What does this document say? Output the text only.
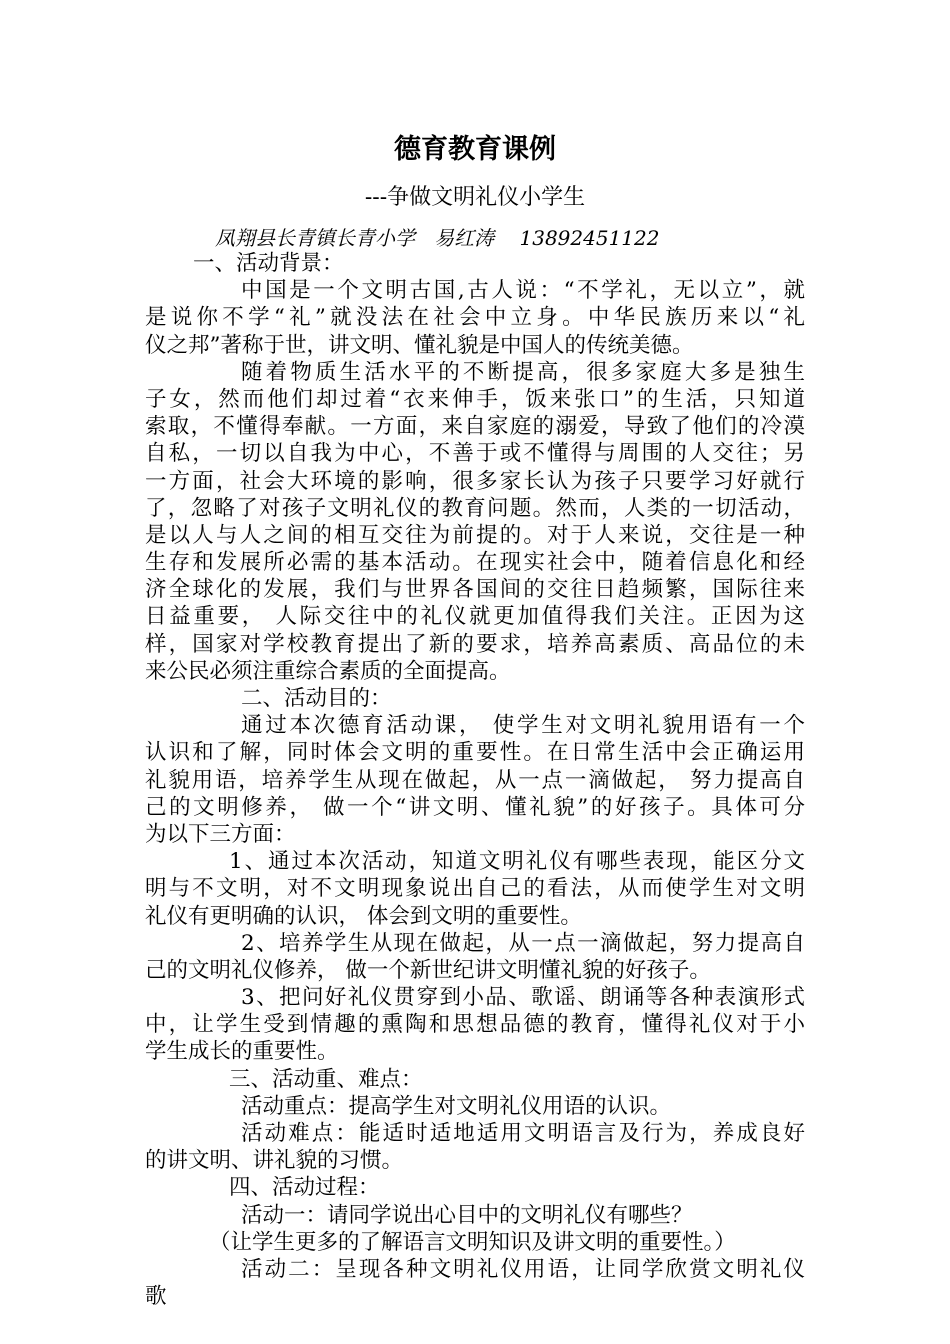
德育教育课例
---争做文明礼仪小学生
凤翔县长青镇长青小学   易红涛    13892451122
一、活动背景：
中国是一个文明古国,古人说：“不学礼，无以立”，就
是说你不学“礼”就没法在社会中立身。中华民族历来以“礼
仪之邦”著称于世，讲文明、懂礼貌是中国人的传统美德。
随着物质生活水平的不断提高，很多家庭大多是独生
子女，然而他们却过着“衣来伸手，饭来张口”的生活，只知道
索取，不懂得奉献。一方面，来自家庭的溺爱，导致了他们的冷漠
自私，一切以自我为中心，不善于或不懂得与周围的人交往；另
一方面，社会大环境的影响，很多家长认为孩子只要学习好就行
了，忽略了对孩子文明礼仪的教育问题。然而，人类的一切活动，
是以人与人之间的相互交往为前提的。对于人来说，交往是一种
生存和发展所必需的基本活动。在现实社会中，随着信息化和经
济全球化的发展，我们与世界各国间的交往日趋频繁，国际往来
日益重要， 人际交往中的礼仪就更加值得我们关注。正因为这
样，国家对学校教育提出了新的要求，培养高素质、高品位的未
来公民必须注重综合素质的全面提高。
二、活动目的：
通过本次德育活动课， 使学生对文明礼貌用语有一个
认识和了解，同时体会文明的重要性。在日常生活中会正确运用
礼貌用语，培养学生从现在做起，从一点一滴做起， 努力提高自
己的文明修养， 做一个“讲文明、懂礼貌”的好孩子。具体可分
为以下三方面：
1、通过本次活动，知道文明礼仪有哪些表现，能区分文
明与不文明，对不文明现象说出自己的看法，从而使学生对文明
礼仪有更明确的认识， 体会到文明的重要性。
2、培养学生从现在做起，从一点一滴做起，努力提高自
己的文明礼仪修养， 做一个新世纪讲文明懂礼貌的好孩子。
3、把问好礼仪贯穿到小品、歌谣、朗诵等各种表演形式
中，让学生受到情趣的熏陶和思想品德的教育，懂得礼仪对于小
学生成长的重要性。
三、活动重、难点：
活动重点：提高学生对文明礼仪用语的认识。
活动难点：能适时适地适用文明语言及行为，养成良好
的讲文明、讲礼貌的习惯。
四、活动过程：
活动一：请同学说出心目中的文明礼仪有哪些？
（让学生更多的了解语言文明知识及讲文明的重要性。）
活动二：呈现各种文明礼仪用语，让同学欣赏文明礼仪
歌
